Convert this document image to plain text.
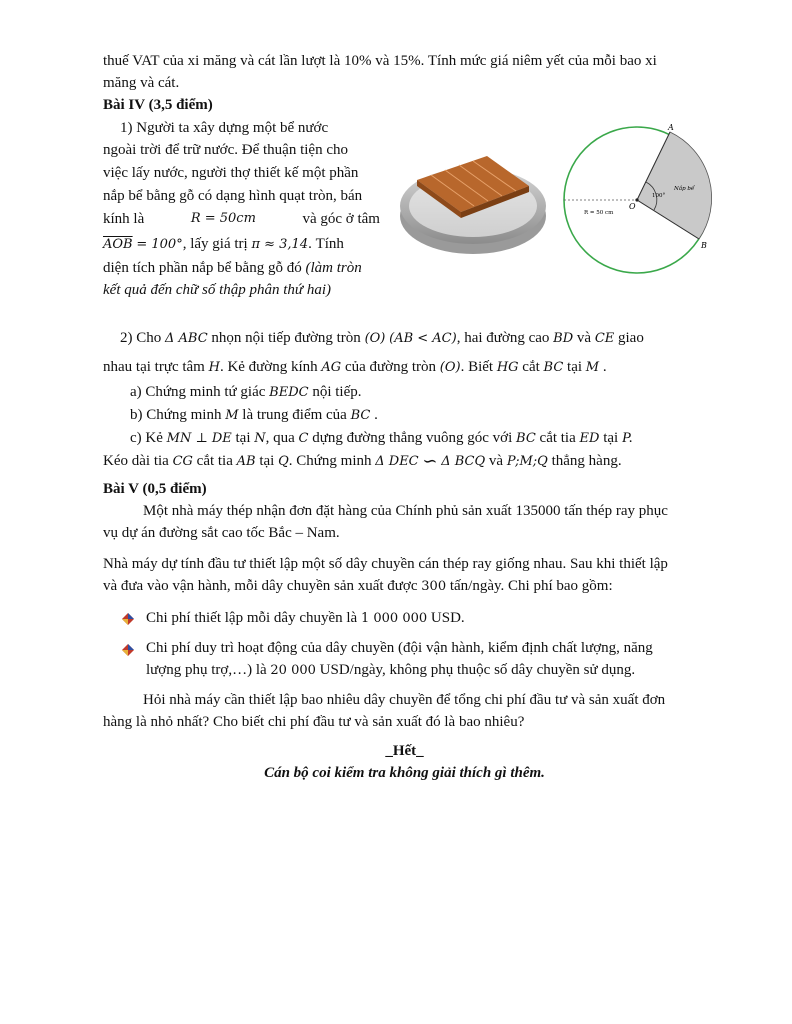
thuế VAT của xi măng và cát lần lượt là 10% và 15%. Tính mức giá niêm yết của mỗi bao xi

măng và cát.

Bài IV (3,5 điểm)

1) Người ta xây dựng một bể nước

ngoài trời để trữ nước. Để thuận tiện cho

việc lấy nước, người thợ thiết kế một phần

nắp bể bằng gỗ có dạng hình quạt tròn, bán

kính là	R = 50cm	và góc ở tâm

$\overline{AOB} = 100^\circ$, lấy giá trị π ≈ 3,14. Tính

diện tích phần nắp bể bằng gỗ đó (làm tròn

kết quả đến chữ số thập phân thứ hai)

A
B
O
100°
R = 50 cm
Nắp bể

2) Cho Δ ABC nhọn nội tiếp đường tròn (O) (AB < AC), hai đường cao BD và CE giao

nhau tại trực tâm H. Kẻ đường kính AG của đường tròn (O). Biết HG cắt BC tại M .

a) Chứng minh tứ giác BEDC nội tiếp.

b) Chứng minh M là trung điểm của BC .

c) Kẻ MN ⊥ DE tại N, qua C dựng đường thẳng vuông góc với BC cắt tia ED tại P.

Kéo dài tia CG cắt tia AB tại Q. Chứng minh Δ DEC ∽ Δ BCQ và P;M;Q thẳng hàng.

Bài V (0,5 điểm)

Một nhà máy thép nhận đơn đặt hàng của Chính phủ sản xuất 135000 tấn thép ray phục

vụ dự án đường sắt cao tốc Bắc – Nam.

Nhà máy dự tính đầu tư thiết lập một số dây chuyền cán thép ray giống nhau. Sau khi thiết lập

và đưa vào vận hành, mỗi dây chuyền sản xuất được 300 tấn/ngày. Chi phí bao gồm:

Chi phí thiết lập mỗi dây chuyền là 1 000 000 USD.

Chi phí duy trì hoạt động của dây chuyền (đội vận hành, kiểm định chất lượng, năng

lượng phụ trợ,…) là 20 000 USD/ngày, không phụ thuộc số dây chuyền sử dụng.

Hỏi nhà máy cần thiết lập bao nhiêu dây chuyền để tổng chi phí đầu tư và sản xuất đơn

hàng là nhỏ nhất? Cho biết chi phí đầu tư và sản xuất đó là bao nhiêu?

_Hết_

Cán bộ coi kiểm tra không giải thích gì thêm.
